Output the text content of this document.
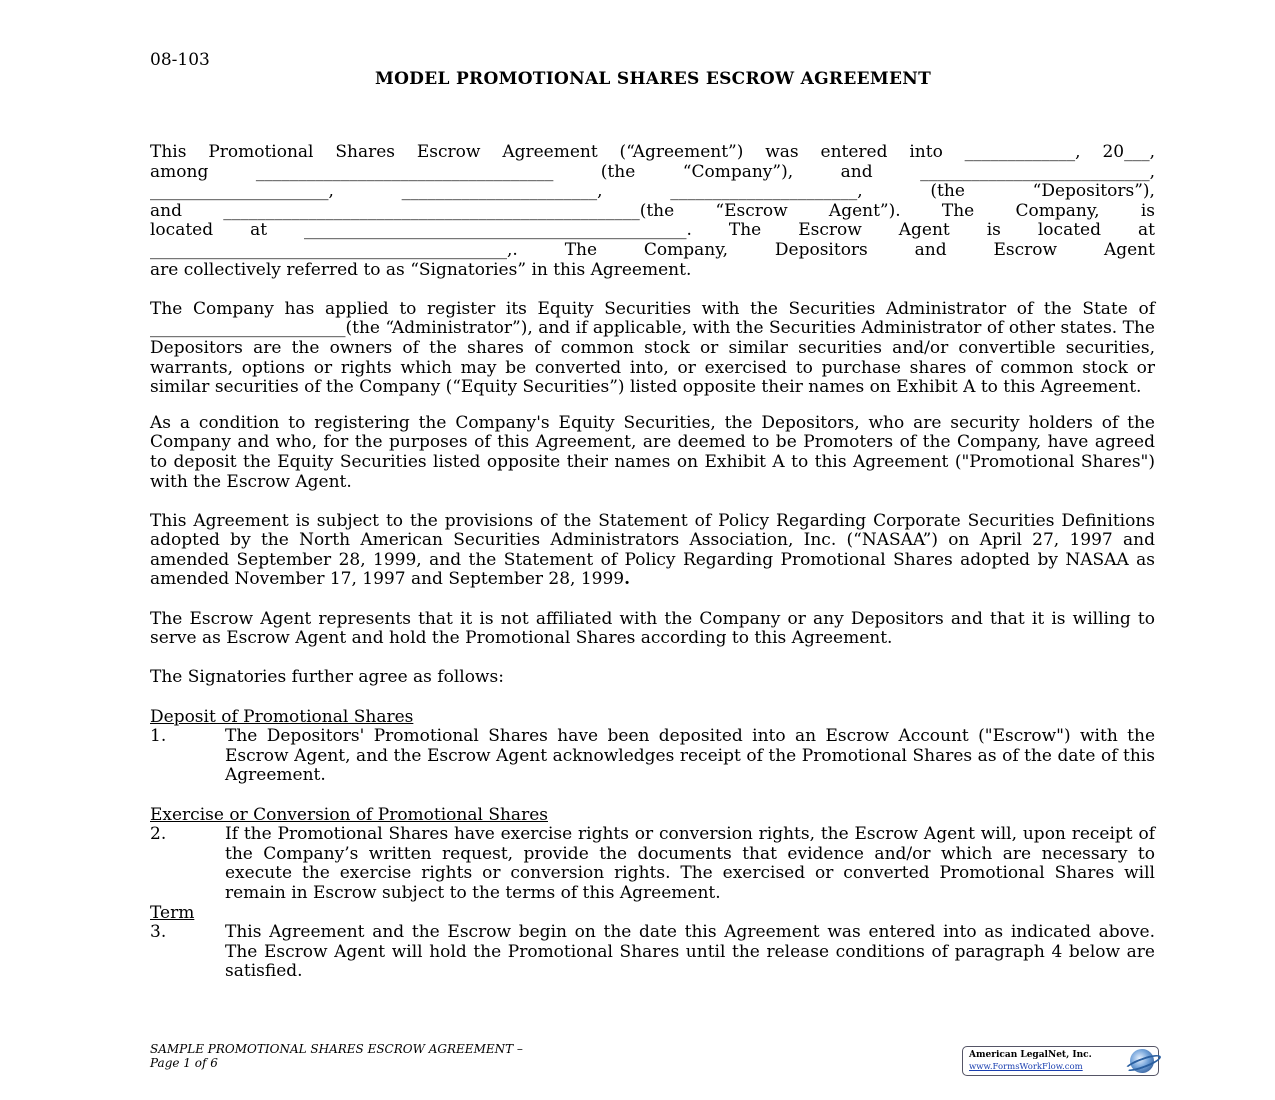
08-103
MODEL PROMOTIONAL SHARES ESCROW AGREEMENT
This Promotional Shares Escrow Agreement (“Agreement”) was entered into _____________, 20___,
among	___________________________________	(the	“Company”),	and	___________________________,
_____________________,	_______________________,	______________________,	(the	“Depositors”),
and _________________________________________________(the “Escrow Agent”). The Company, is
located at _____________________________________________. The Escrow Agent is located at
__________________________________________,.	The	Company,	Depositors	and	Escrow	Agent
are collectively referred to as “Signatories” in this Agreement.

The Company has applied to register its Equity Securities with the Securities Administrator of the State of _______________________(the “Administrator”), and if applicable, with the Securities Administrator of other states. The Depositors are the owners of the shares of common stock or similar securities and/or convertible securities, warrants, options or rights which may be converted into, or exercised to purchase shares of common stock or similar securities of the Company (“Equity Securities”) listed opposite their names on Exhibit A to this Agreement.

As a condition to registering the Company's Equity Securities, the Depositors, who are security holders of the Company and who, for the purposes of this Agreement, are deemed to be Promoters of the Company, have agreed to deposit the Equity Securities listed opposite their names on Exhibit A to this Agreement ("Promotional Shares") with the Escrow Agent.

This Agreement is subject to the provisions of the Statement of Policy Regarding Corporate Securities Definitions adopted by the North American Securities Administrators Association, Inc. (“NASAA”) on April 27, 1997 and amended September 28, 1999, and the Statement of Policy Regarding Promotional Shares adopted by NASAA as amended November 17, 1997 and September 28, 1999.

The Escrow Agent represents that it is not affiliated with the Company or any Depositors and that it is willing to serve as Escrow Agent and hold the Promotional Shares according to this Agreement.

The Signatories further agree as follows:

Deposit of Promotional Shares
1.	The Depositors' Promotional Shares have been deposited into an Escrow Account ("Escrow") with the Escrow Agent, and the Escrow Agent acknowledges receipt of the Promotional Shares as of the date of this Agreement.
Exercise or Conversion of Promotional Shares
2.	If the Promotional Shares have exercise rights or conversion rights, the Escrow Agent will, upon receipt of the Company’s written request, provide the documents that evidence and/or which are necessary to execute the exercise rights or conversion rights. The exercised or converted Promotional Shares will remain in Escrow subject to the terms of this Agreement.
Term
3.	This Agreement and the Escrow begin on the date this Agreement was entered into as indicated above. The Escrow Agent will hold the Promotional Shares until the release conditions of paragraph 4 below are satisfied.
SAMPLE PROMOTIONAL SHARES ESCROW AGREEMENT –
Page 1 of 6
American LegalNet, Inc.
www.FormsWorkFlow.com
